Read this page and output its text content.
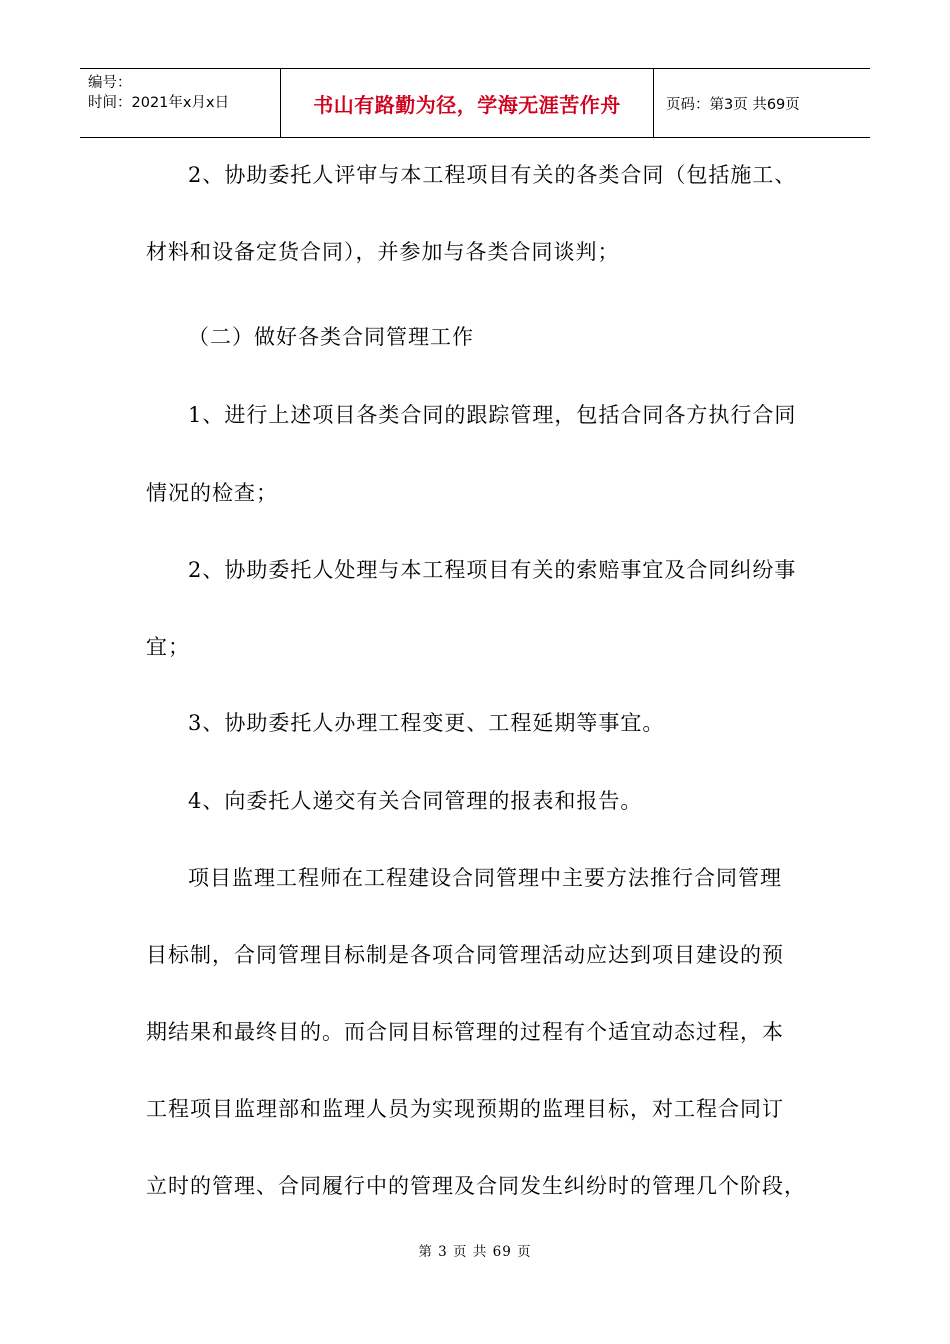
编号：
时间：2021年x月x日	书山有路勤为径，学海无涯苦作舟	页码：第3页 共69页
2、协助委托人评审与本工程项目有关的各类合同（包括施工、
材料和设备定货合同），并参加与各类合同谈判；
（二）做好各类合同管理工作
1、进行上述项目各类合同的跟踪管理，包括合同各方执行合同
情况的检查；
2、协助委托人处理与本工程项目有关的索赔事宜及合同纠纷事
宜；
3、协助委托人办理工程变更、工程延期等事宜。
4、向委托人递交有关合同管理的报表和报告。
项目监理工程师在工程建设合同管理中主要方法推行合同管理
目标制，合同管理目标制是各项合同管理活动应达到项目建设的预
期结果和最终目的。而合同目标管理的过程有个适宜动态过程，本
工程项目监理部和监理人员为实现预期的监理目标，对工程合同订
立时的管理、合同履行中的管理及合同发生纠纷时的管理几个阶段，
第 3 页 共 69 页
